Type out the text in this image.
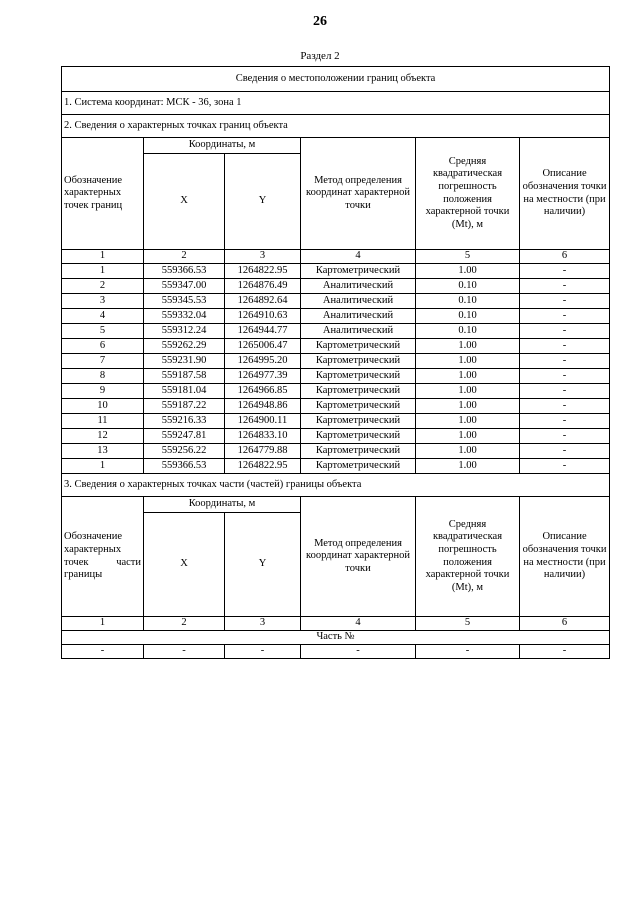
26
Раздел 2
Сведения о местоположении границ объекта					
1. Система координат: МСК - 36, зона 1					
2. Сведения о характерных точках границ объекта					
Обозначение характерных точек границ	Координаты, м		Метод определения координат характерной точки	Средняя квадратическая погрешность положения характерной точки (Mt), м	Описание обозначения точки на местности (при наличии)
	X	Y			
1	2	3	4	5	6
1	559366.53	1264822.95	Картометрический	1.00	-
2	559347.00	1264876.49	Аналитический	0.10	-
3	559345.53	1264892.64	Аналитический	0.10	-
4	559332.04	1264910.63	Аналитический	0.10	-
5	559312.24	1264944.77	Аналитический	0.10	-
6	559262.29	1265006.47	Картометрический	1.00	-
7	559231.90	1264995.20	Картометрический	1.00	-
8	559187.58	1264977.39	Картометрический	1.00	-
9	559181.04	1264966.85	Картометрический	1.00	-
10	559187.22	1264948.86	Картометрический	1.00	-
11	559216.33	1264900.11	Картометрический	1.00	-
12	559247.81	1264833.10	Картометрический	1.00	-
13	559256.22	1264779.88	Картометрический	1.00	-
1	559366.53	1264822.95	Картометрический	1.00	-
3. Сведения о характерных точках части (частей) границы объекта					
Обозначение характерных точек части границы	Координаты, м		Метод определения координат характерной точки	Средняя квадратическая погрешность положения характерной точки (Mt), м	Описание обозначения точки на местности (при наличии)
	X	Y			
1	2	3	4	5	6
Часть №					
-	-	-	-	-	-
